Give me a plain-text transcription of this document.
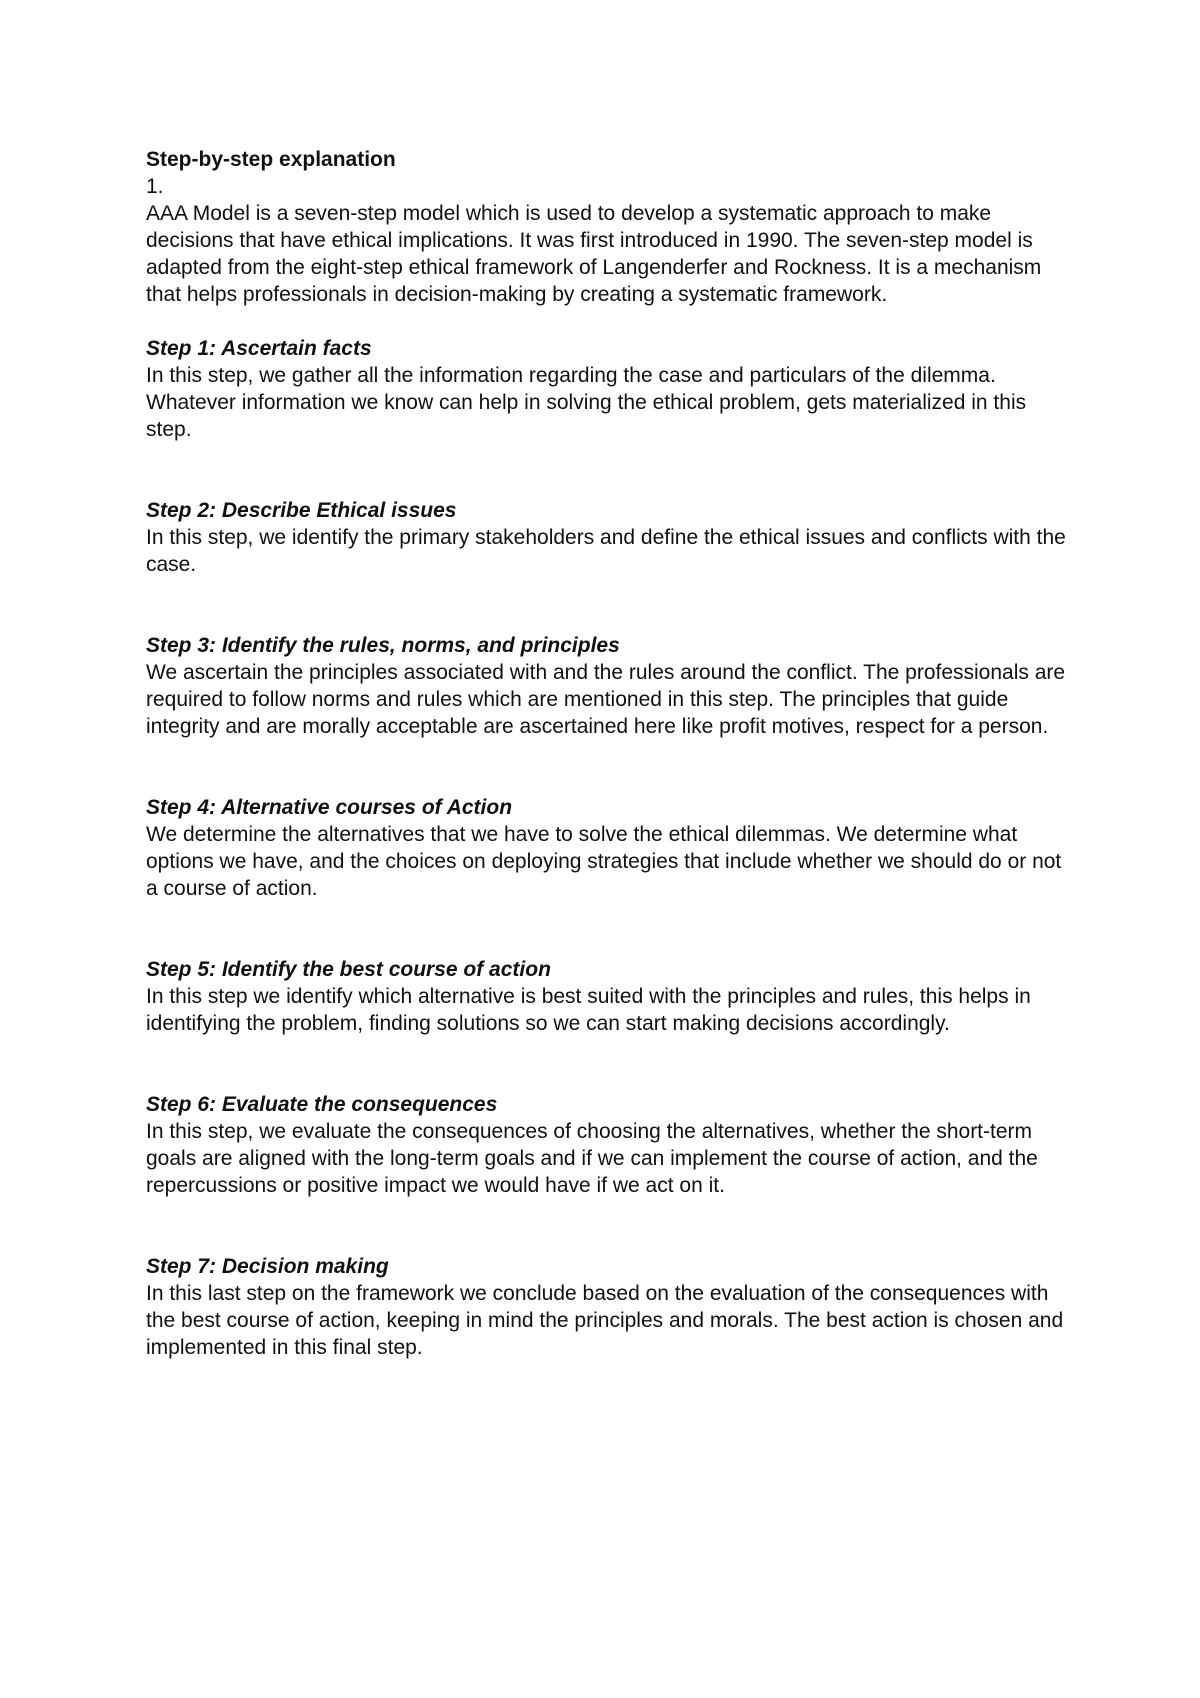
Step-by-step explanation
1.
AAA Model is a seven-step model which is used to develop a systematic approach to make decisions that have ethical implications. It was first introduced in 1990. The seven-step model is adapted from the eight-step ethical framework of Langenderfer and Rockness. It is a mechanism that helps professionals in decision-making by creating a systematic framework.
Step 1: Ascertain facts
In this step, we gather all the information regarding the case and particulars of the dilemma. Whatever information we know can help in solving the ethical problem, gets materialized in this step.
Step 2: Describe Ethical issues
In this step, we identify the primary stakeholders and define the ethical issues and conflicts with the case.
Step 3: Identify the rules, norms, and principles
We ascertain the principles associated with and the rules around the conflict. The professionals are required to follow norms and rules which are mentioned in this step. The principles that guide integrity and are morally acceptable are ascertained here like profit motives, respect for a person.
Step 4: Alternative courses of Action
We determine the alternatives that we have to solve the ethical dilemmas. We determine what options we have, and the choices on deploying strategies that include whether we should do or not a course of action.
Step 5: Identify the best course of action
In this step we identify which alternative is best suited with the principles and rules, this helps in identifying the problem, finding solutions so we can start making decisions accordingly.
Step 6: Evaluate the consequences
In this step, we evaluate the consequences of choosing the alternatives, whether the short-term goals are aligned with the long-term goals and if we can implement the course of action, and the repercussions or positive impact we would have if we act on it.
Step 7: Decision making
In this last step on the framework we conclude based on the evaluation of the consequences with the best course of action, keeping in mind the principles and morals. The best action is chosen and implemented in this final step.
